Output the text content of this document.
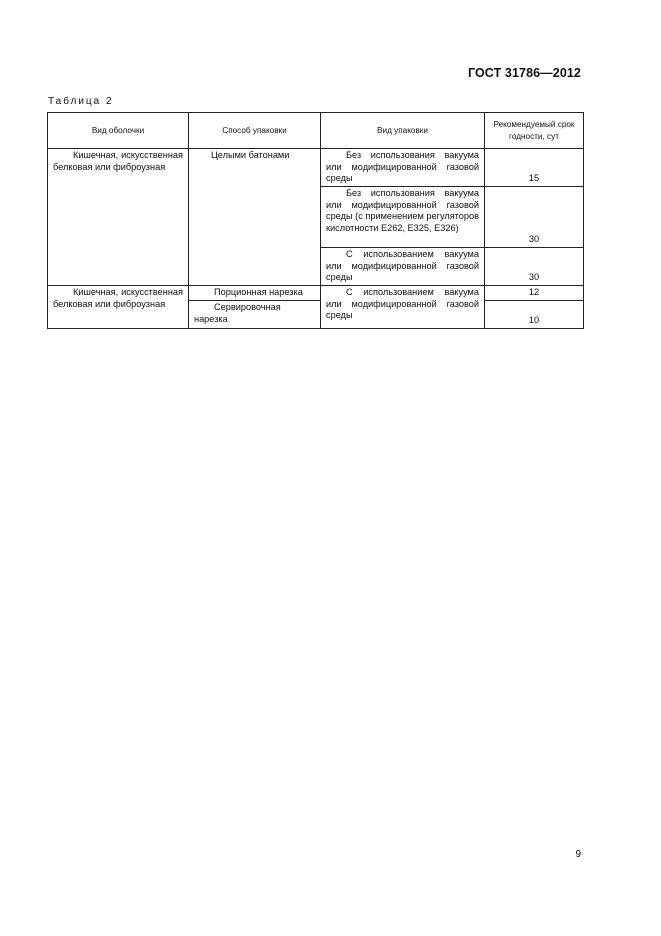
ГОСТ 31786—2012
Таблица 2
Вид оболочки	Способ упаковки	Вид упаковки	Рекомендуемый срок годности, сут
Кишечная, искусственная белковая или фиброузная	Целыми батонами	Без использования вакуума или модифицированной газовой среды	15
		Без использования вакуума или модифицированной газовой среды (с применением регуляторов кислотности Е262, Е325, Е326)	30
		С использованием вакуума или модифицированной газовой среды	30
Кишечная, искусственная белковая или фиброузная	Порционная нарезка	С использованием вакуума или модифицированной газовой среды	12
	Сервировочная нарезка		10
9
